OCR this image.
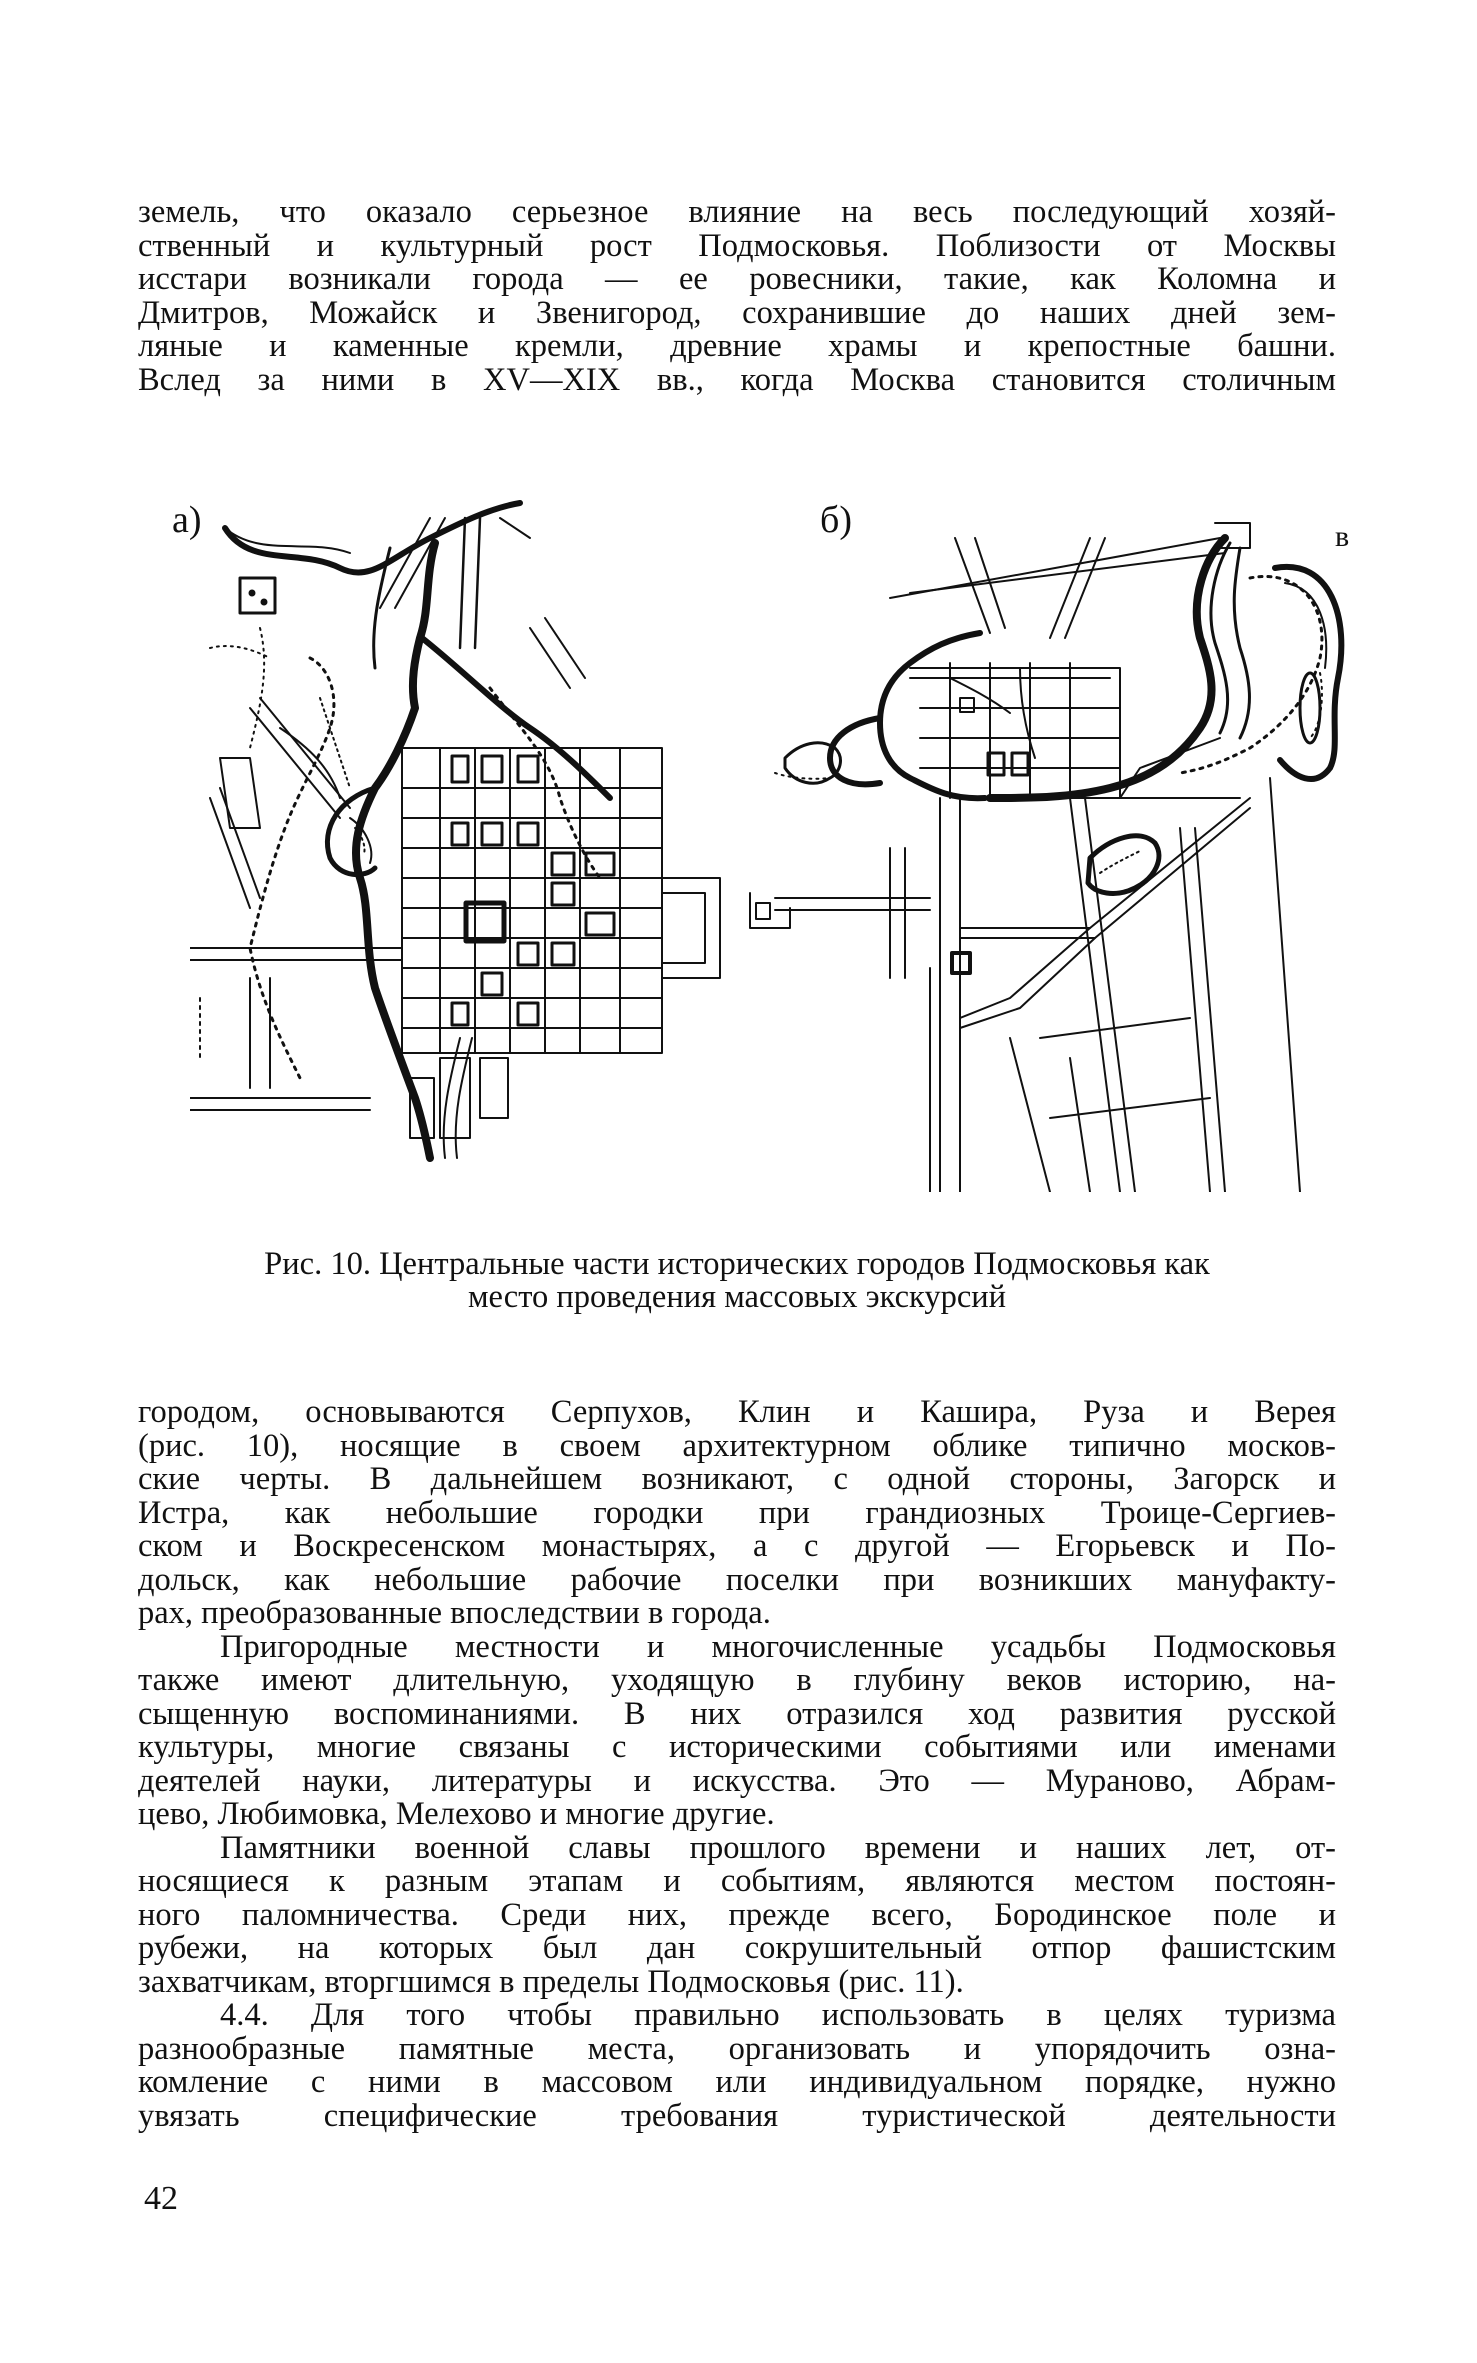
земель, что оказало серьезное влияние на весь последующий хозяй-
ственный и культурный рост Подмосковья. Поблизости от Москвы
исстари возникали города — ее ровесники, такие, как Коломна и
Дмитров, Можайск и Звенигород, сохранившие до наших дней зем-
ляные и каменные кремли, древние храмы и крепостные башни.
Вслед за ними в XV—XIX вв., когда Москва становится столичным
а)	б)	в
Рис. 10. Центральные части исторических городов Подмосковья как
место проведения массовых экскурсий
городом, основываются Серпухов, Клин и Кашира, Руза и Верея
(рис. 10), носящие в своем архитектурном облике типично москов-
ские черты. В дальнейшем возникают, с одной стороны, Загорск и
Истра, как небольшие городки при грандиозных Троице-Сергиев-
ском и Воскресенском монастырях, а с другой — Егорьевск и По-
дольск, как небольшие рабочие поселки при возникших мануфакту-
рах, преобразованные впоследствии в города.
Пригородные местности и многочисленные усадьбы Подмосковья
также имеют длительную, уходящую в глубину веков историю, на-
сыщенную воспоминаниями. В них отразился ход развития русской
культуры, многие связаны с историческими событиями или именами
деятелей науки, литературы и искусства. Это — Мураново, Абрам-
цево, Любимовка, Мелехово и многие другие.
Памятники военной славы прошлого времени и наших лет, от-
носящиеся к разным этапам и событиям, являются местом постоян-
ного паломничества. Среди них, прежде всего, Бородинское поле и
рубежи, на которых был дан сокрушительный отпор фашистским
захватчикам, вторгшимся в пределы Подмосковья (рис. 11).
4.4. Для того чтобы правильно использовать в целях туризма
разнообразные памятные места, организовать и упорядочить озна-
комление с ними в массовом или индивидуальном порядке, нужно
увязать специфические требования туристической деятельности
42
